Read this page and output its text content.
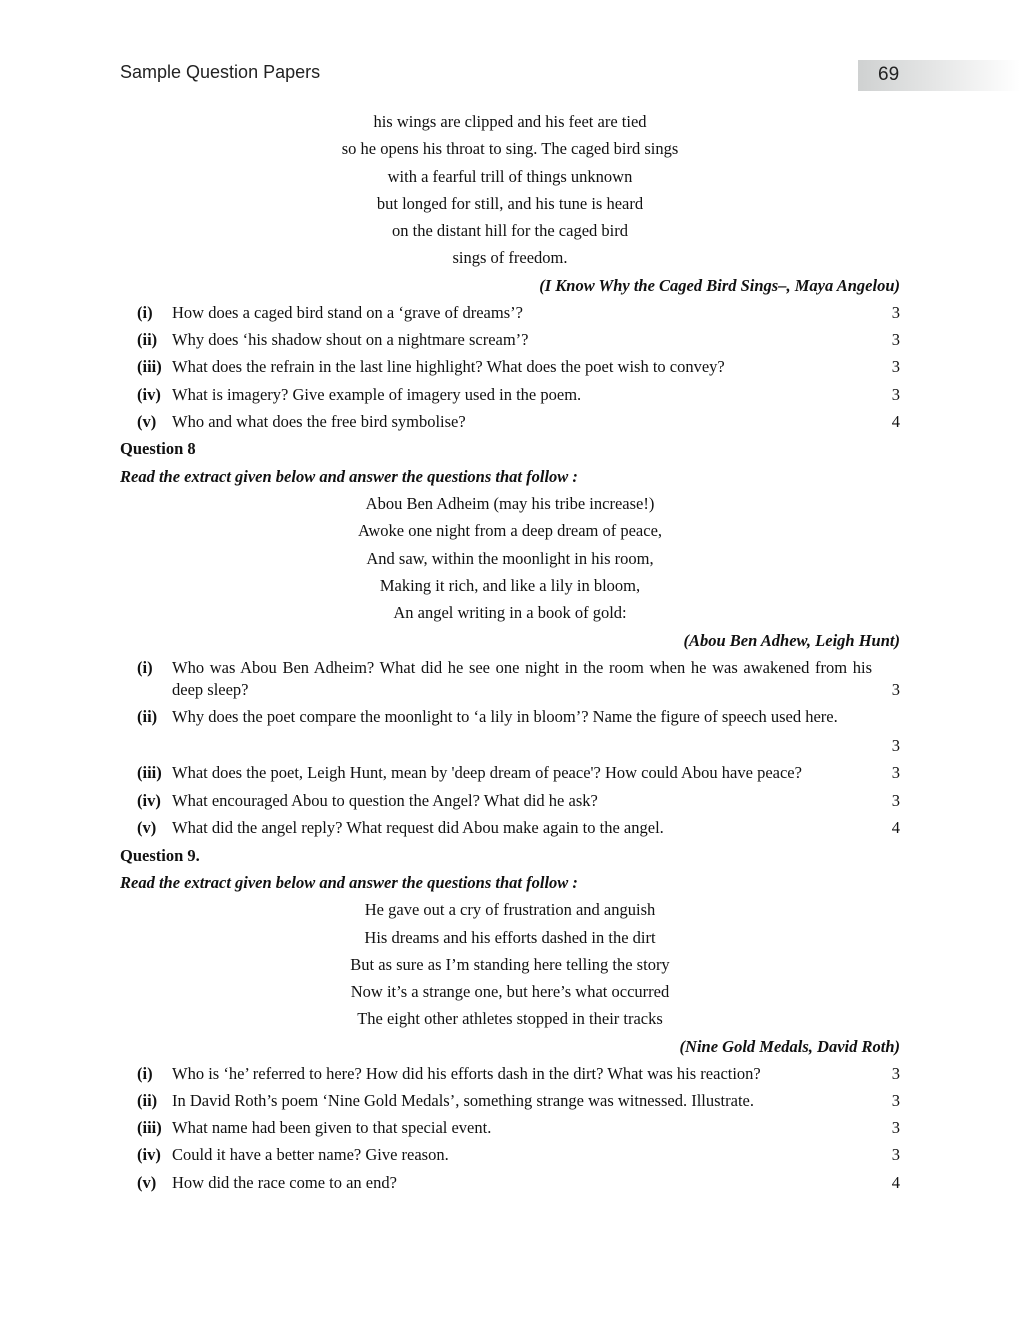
Sample Question Papers	69
his wings are clipped and his feet are tied
so he opens his throat to sing. The caged bird sings
with a fearful trill of things unknown
but longed for still, and his tune is heard
on the distant hill for the caged bird
sings of freedom.
(I Know Why the Caged Bird Sings–, Maya Angelou)
(i) How does a caged bird stand on a ‘grave of dreams’?	3
(ii) Why does ‘his shadow shout on a nightmare scream’?	3
(iii) What does the refrain in the last line highlight? What does the poet wish to convey?	3
(iv) What is imagery? Give example of imagery used in the poem.	3
(v) Who and what does the free bird symbolise?	4
Question 8
Read the extract given below and answer the questions that follow :
Abou Ben Adheim (may his tribe increase!)
Awoke one night from a deep dream of peace,
And saw, within the moonlight in his room,
Making it rich, and like a lily in bloom,
An angel writing in a book of gold:
(Abou Ben Adhew, Leigh Hunt)
(i) Who was Abou Ben Adheim? What did he see one night in the room when he was awakened from his deep sleep?	3
(ii) Why does the poet compare the moonlight to ‘a lily in bloom’? Name the figure of speech used here.
3
(iii) What does the poet, Leigh Hunt, mean by 'deep dream of peace'? How could Abou have peace?	3
(iv) What encouraged Abou to question the Angel? What did he ask?	3
(v) What did the angel reply? What request did Abou make again to the angel.	4
Question 9.
Read the extract given below and answer the questions that follow :
He gave out a cry of frustration and anguish
His dreams and his efforts dashed in the dirt
But as sure as I’m standing here telling the story
Now it’s a strange one, but here’s what occurred
The eight other athletes stopped in their tracks
(Nine Gold Medals, David Roth)
(i) Who is ‘he’ referred to here? How did his efforts dash in the dirt? What was his reaction?	3
(ii) In David Roth’s poem ‘Nine Gold Medals’, something strange was witnessed. Illustrate.	3
(iii) What name had been given to that special event.	3
(iv) Could it have a better name? Give reason.	3
(v) How did the race come to an end?	4
